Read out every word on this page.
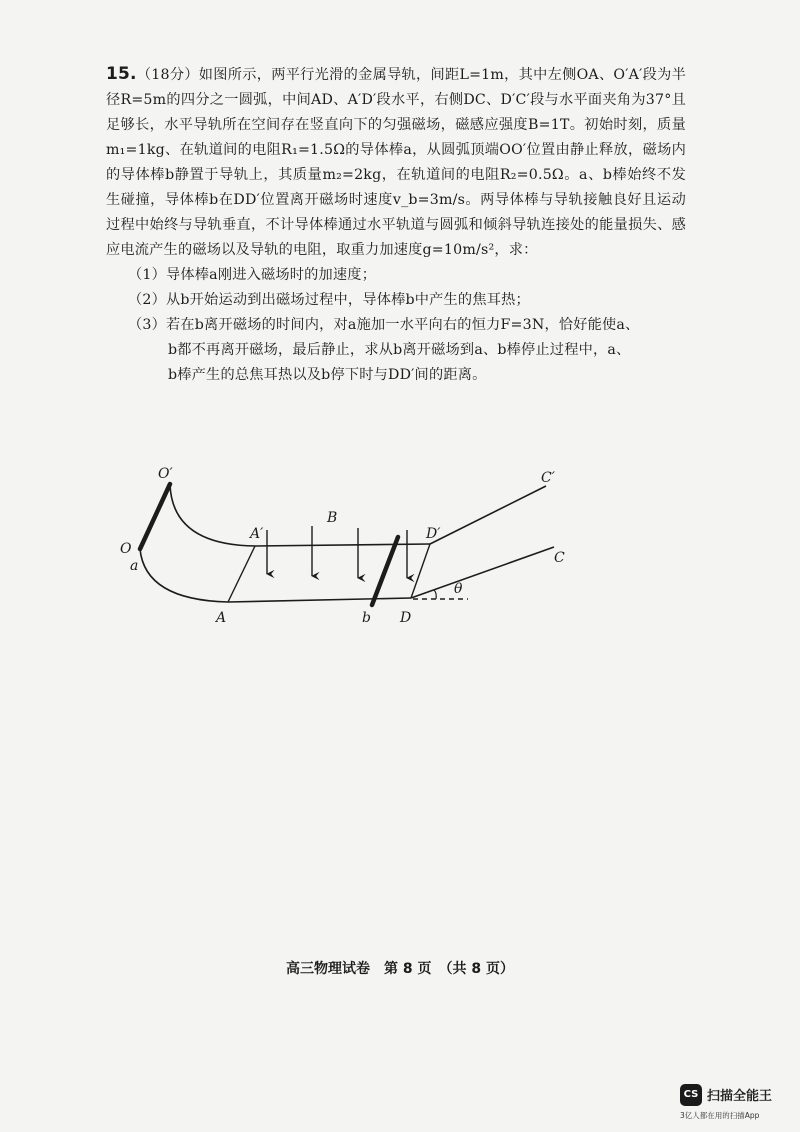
15.（18分）如图所示，两平行光滑的金属导轨，间距L=1m，其中左侧OA、O′A′段为半径R=5m的四分之一圆弧，中间AD、A′D′段水平，右侧DC、D′C′段与水平面夹角为37°且足够长，水平导轨所在空间存在竖直向下的匀强磁场，磁感应强度B=1T。初始时刻，质量m₁=1kg、在轨道间的电阻R₁=1.5Ω的导体棒a，从圆弧顶端OO′位置由静止释放，磁场内的导体棒b静置于导轨上，其质量m₂=2kg，在轨道间的电阻R₂=0.5Ω。a、b棒始终不发生碰撞，导体棒b在DD′位置离开磁场时速度v_b=3m/s。两导体棒与导轨接触良好且运动过程中始终与导轨垂直，不计导体棒通过水平轨道与圆弧和倾斜导轨连接处的能量损失、感应电流产生的磁场以及导轨的电阻，取重力加速度g=10m/s²，求：

（1）导体棒a刚进入磁场时的加速度；

（2）从b开始运动到出磁场过程中，导体棒b中产生的焦耳热；

（3）若在b离开磁场的时间内，对a施加一水平向右的恒力F=3N，恰好能使a、
b都不再离开磁场，最后静止，求从b离开磁场到a、b棒停止过程中，a、
b棒产生的总焦耳热以及b停下时与DD′间的距离。

O′
O
a
A′
A
B
b
D′
D
C′
C
θ
高三物理试卷　第 8 页　（共 8 页）
CS 扫描全能王
3亿人都在用的扫描App
